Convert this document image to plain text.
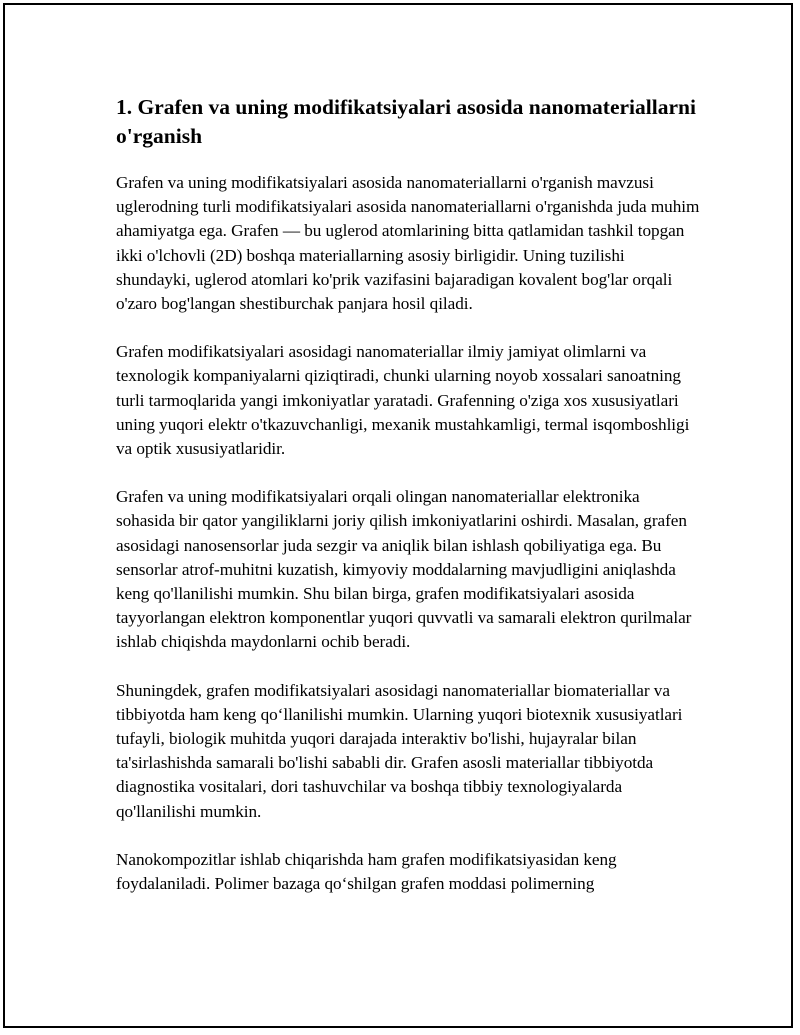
1. Grafen va uning modifikatsiyalari asosida nanomateriallarni o'rganish

Grafen va uning modifikatsiyalari asosida nanomateriallarni o'rganish mavzusi uglerodning turli modifikatsiyalari asosida nanomateriallarni o'rganishda juda muhim ahamiyatga ega. Grafen — bu uglerod atomlarining bitta qatlamidan tashkil topgan ikki o'lchovli (2D) boshqa materiallarning asosiy birligidir. Uning tuzilishi shundayki, uglerod atomlari ko'prik vazifasini bajaradigan kovalent bog'lar orqali o'zaro bog'langan shestiburchak panjara hosil qiladi.

Grafen modifikatsiyalari asosidagi nanomateriallar ilmiy jamiyat olimlarni va texnologik kompaniyalarni qiziqtiradi, chunki ularning noyob xossalari sanoatning turli tarmoqlarida yangi imkoniyatlar yaratadi. Grafenning o'ziga xos xususiyatlari uning yuqori elektr o'tkazuvchanligi, mexanik mustahkamligi, termal isqomboshligi va optik xususiyatlaridir.

Grafen va uning modifikatsiyalari orqali olingan nanomateriallar elektronika sohasida bir qator yangiliklarni joriy qilish imkoniyatlarini oshirdi. Masalan, grafen asosidagi nanosensorlar juda sezgir va aniqlik bilan ishlash qobiliyatiga ega. Bu sensorlar atrof-muhitni kuzatish, kimyoviy moddalarning mavjudligini aniqlashda keng qo'llanilishi mumkin. Shu bilan birga, grafen modifikatsiyalari asosida tayyorlangan elektron komponentlar yuqori quvvatli va samarali elektron qurilmalar ishlab chiqishda maydonlarni ochib beradi.

Shuningdek, grafen modifikatsiyalari asosidagi nanomateriallar biomateriallar va tibbiyotda ham keng qo‘llanilishi mumkin. Ularning yuqori biotexnik xususiyatlari tufayli, biologik muhitda yuqori darajada interaktiv bo'lishi, hujayralar bilan ta'sirlashishda samarali bo'lishi sababli dir. Grafen asosli materiallar tibbiyotda diagnostika vositalari, dori tashuvchilar va boshqa tibbiy texnologiyalarda qo'llanilishi mumkin.

Nanokompozitlar ishlab chiqarishda ham grafen modifikatsiyasidan keng foydalaniladi. Polimer bazaga qo‘shilgan grafen moddasi polimerning
